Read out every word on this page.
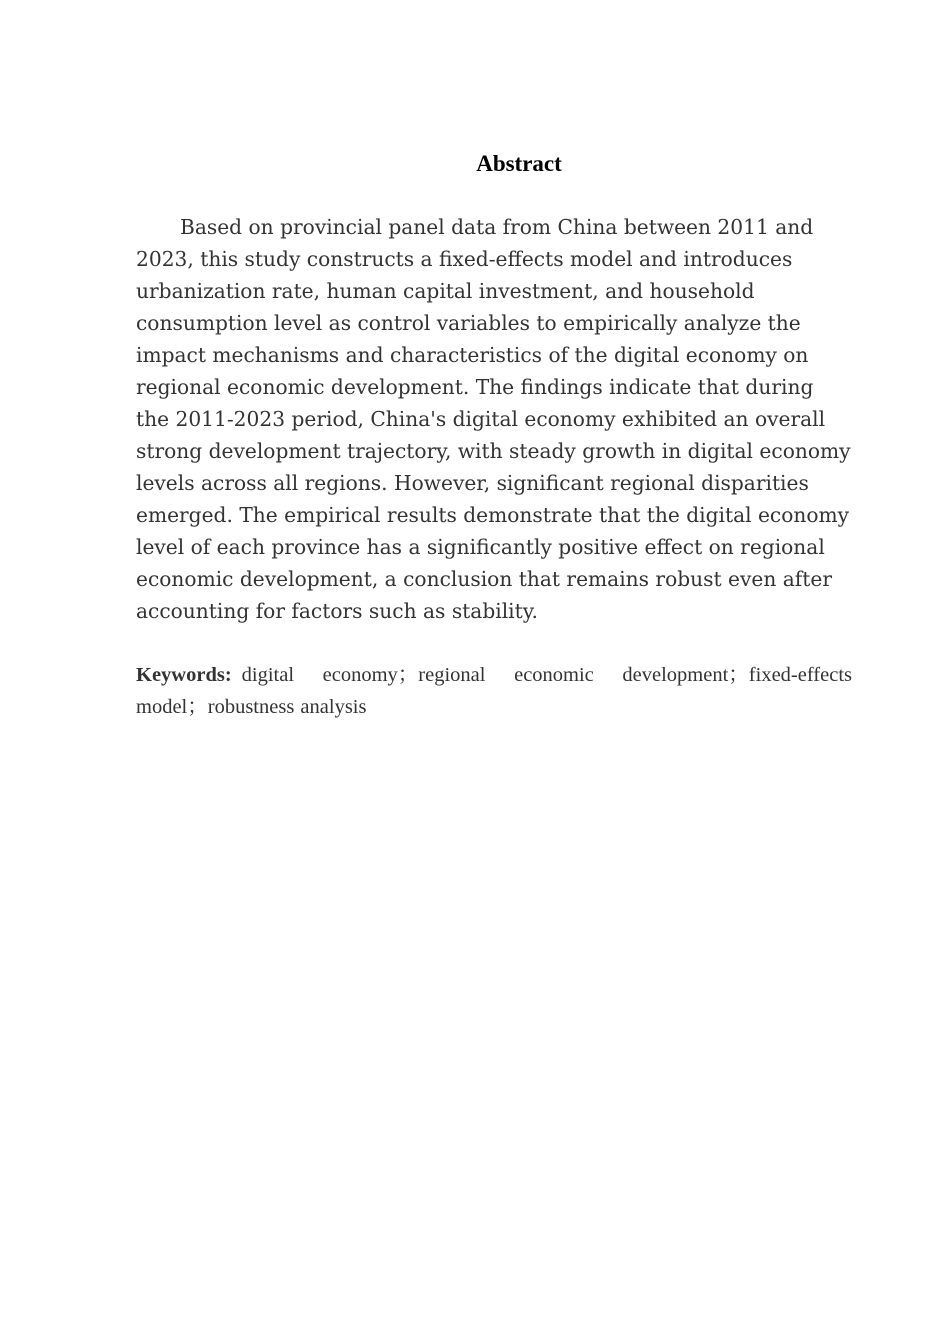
Abstract

Based on provincial panel data from China between 2011 and 2023, this study constructs a fixed-effects model and introduces urbanization rate, human capital investment, and household consumption level as control variables to empirically analyze the impact mechanisms and characteristics of the digital economy on regional economic development. The findings indicate that during the 2011-2023 period, China's digital economy exhibited an overall strong development trajectory, with steady growth in digital economy levels across all regions. However, significant regional disparities emerged. The empirical results demonstrate that the digital economy level of each province has a significantly positive effect on regional economic development, a conclusion that remains robust even after accounting for factors such as stability.

Keywords: digital economy；regional economic development；fixed-effects model；robustness analysis
